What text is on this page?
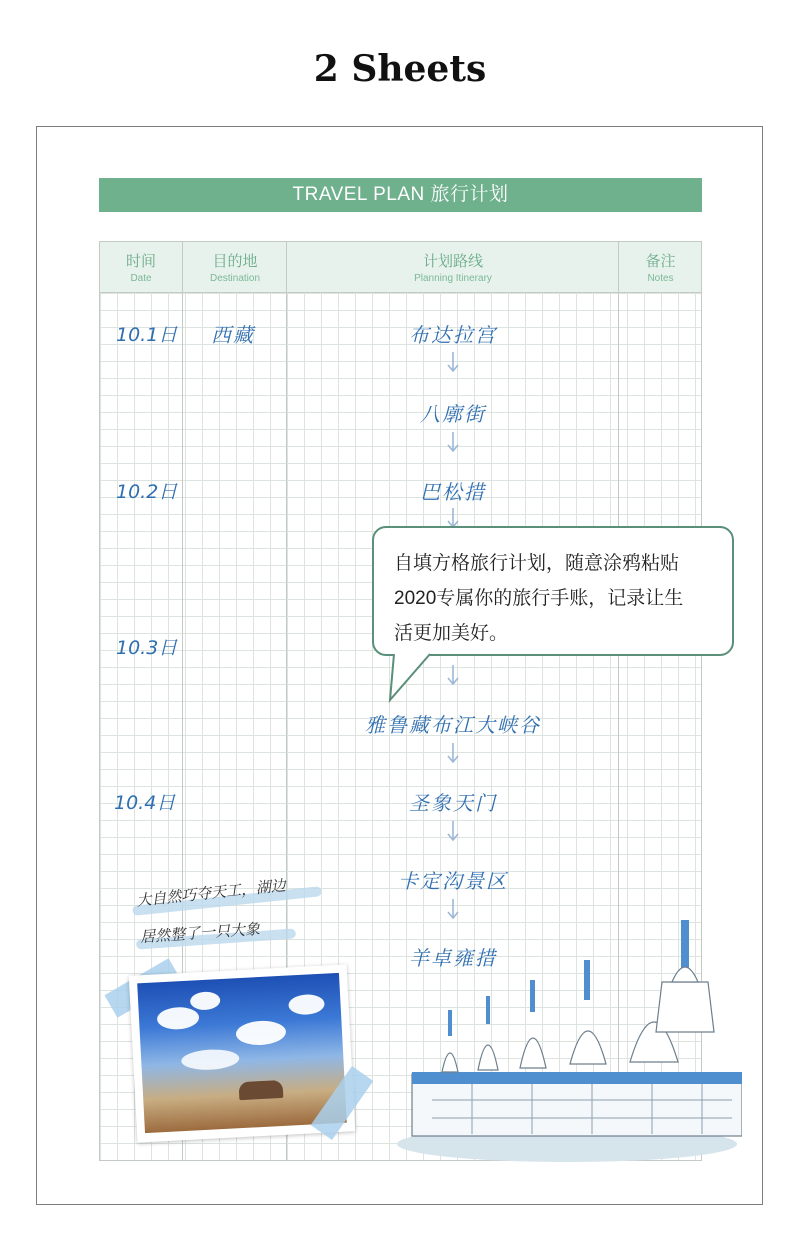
2 Sheets
TRAVEL PLAN 旅行计划
时间
Date
目的地
Destination
计划路线
Planning Itinerary
备注
Notes
10.1日
10.2日
10.3日
10.4日
西藏	布达拉宫
八廓街
巴松措
雅鲁藏布江大峡谷
圣象天门
卡定沟景区
羊卓雍措
自填方格旅行计划，随意涂鸦粘贴
2020专属你的旅行手账，记录让生
活更加美好。
大自然巧夺天工，湖边
居然整了一只大象
